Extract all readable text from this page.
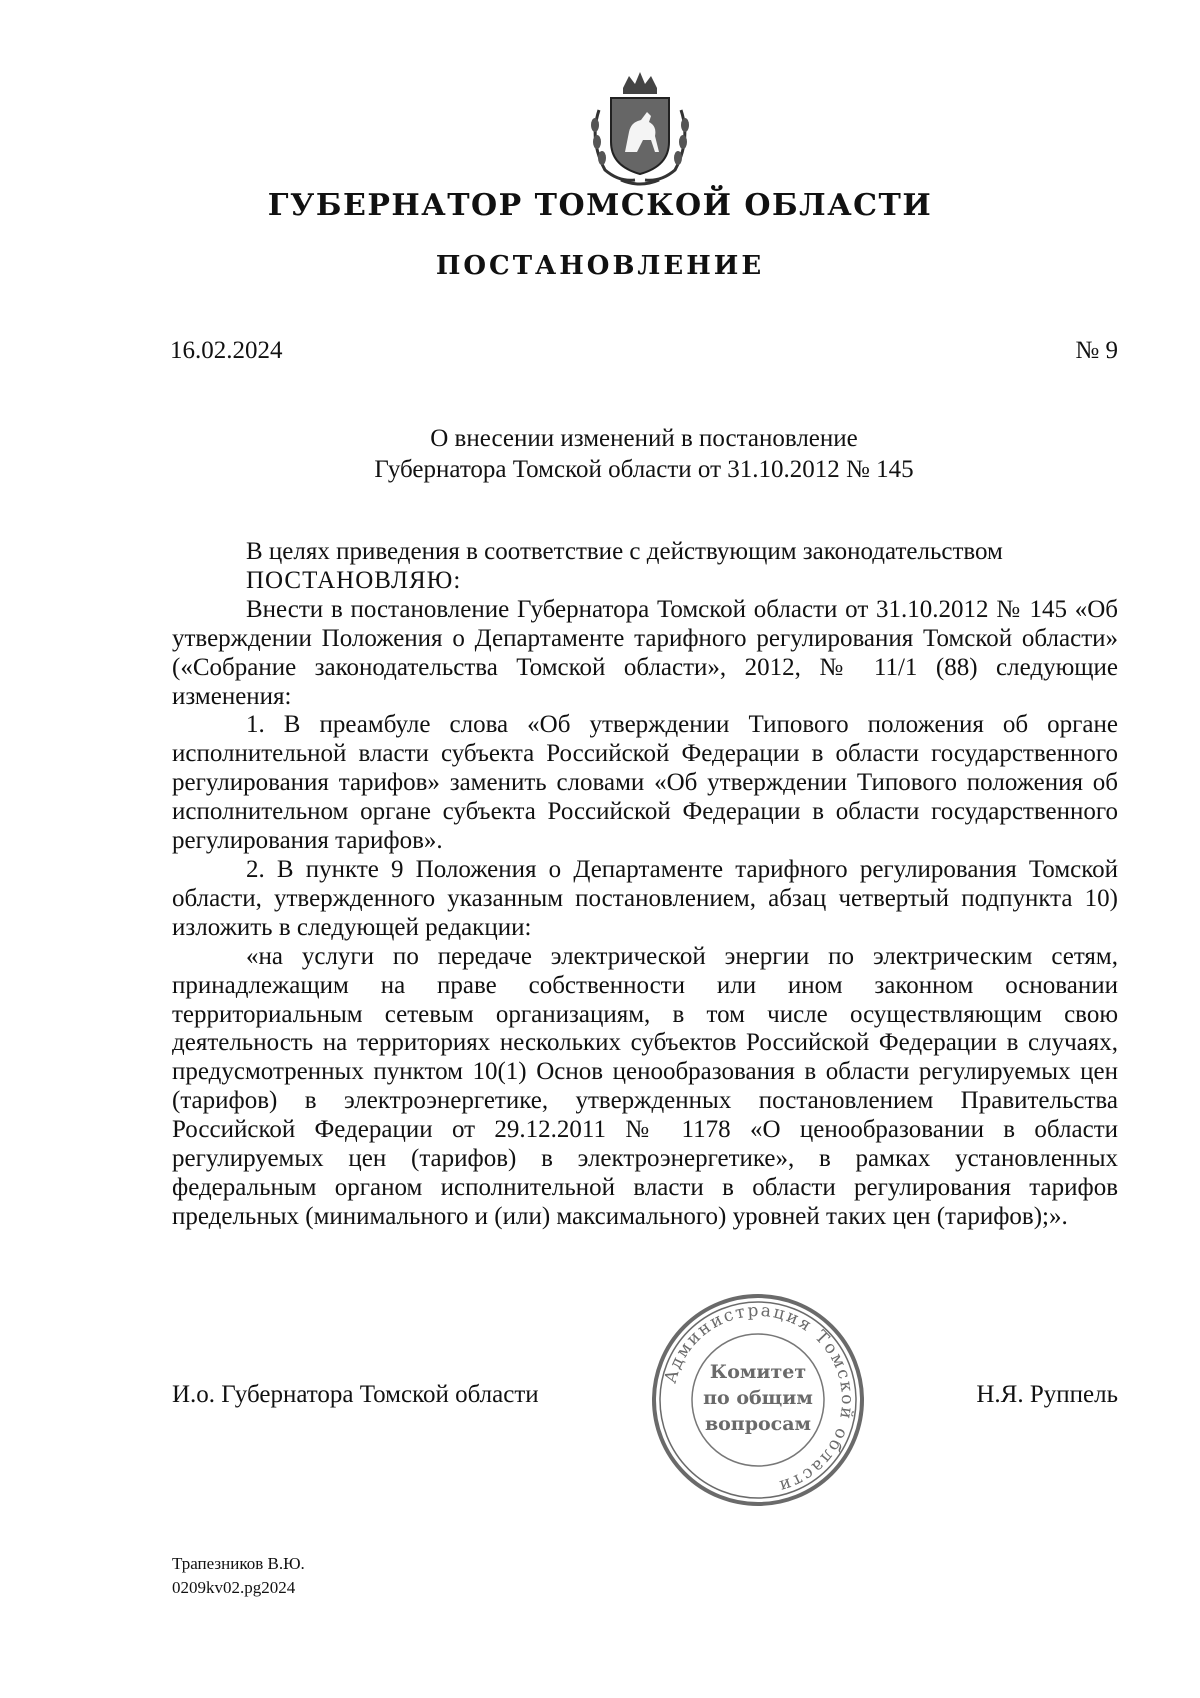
ГУБЕРНАТОР ТОМСКОЙ ОБЛАСТИ
ПОСТАНОВЛЕНИЕ
16.02.2024	№ 9
О внесении изменений в постановление
Губернатора Томской области от 31.10.2012 № 145

В целях приведения в соответствие с действующим законодательством

ПОСТАНОВЛЯЮ:

Внести в постановление Губернатора Томской области от 31.10.2012 № 145 «Об утверждении Положения о Департаменте тарифного регулирования Томской области» («Собрание законодательства Томской области», 2012, № 11/1 (88) следующие изменения:

1. В преамбуле слова «Об утверждении Типового положения об органе исполнительной власти субъекта Российской Федерации в области государственного регулирования тарифов» заменить словами «Об утверждении Типового положения об исполнительном органе субъекта Российской Федерации в области государственного регулирования тарифов».

2. В пункте 9 Положения о Департаменте тарифного регулирования Томской области, утвержденного указанным постановлением, абзац четвертый подпункта 10) изложить в следующей редакции:

«на услуги по передаче электрической энергии по электрическим сетям, принадлежащим на праве собственности или ином законном основании территориальным сетевым организациям, в том числе осуществляющим свою деятельность на территориях нескольких субъектов Российской Федерации в случаях, предусмотренных пунктом 10(1) Основ ценообразования в области регулируемых цен (тарифов) в электроэнергетике, утвержденных постановлением Правительства Российской Федерации от 29.12.2011 № 1178 «О ценообразовании в области регулируемых цен (тарифов) в электроэнергетике», в рамках установленных федеральным органом исполнительной власти в области регулирования тарифов предельных (минимального и (или) максимального) уровней таких цен (тарифов);».

И.о. Губернатора Томской области	Н.Я. Руппель
Администрация Томской области
Комитет
по общим
вопросам
Трапезников В.Ю.
0209kv02.pg2024
